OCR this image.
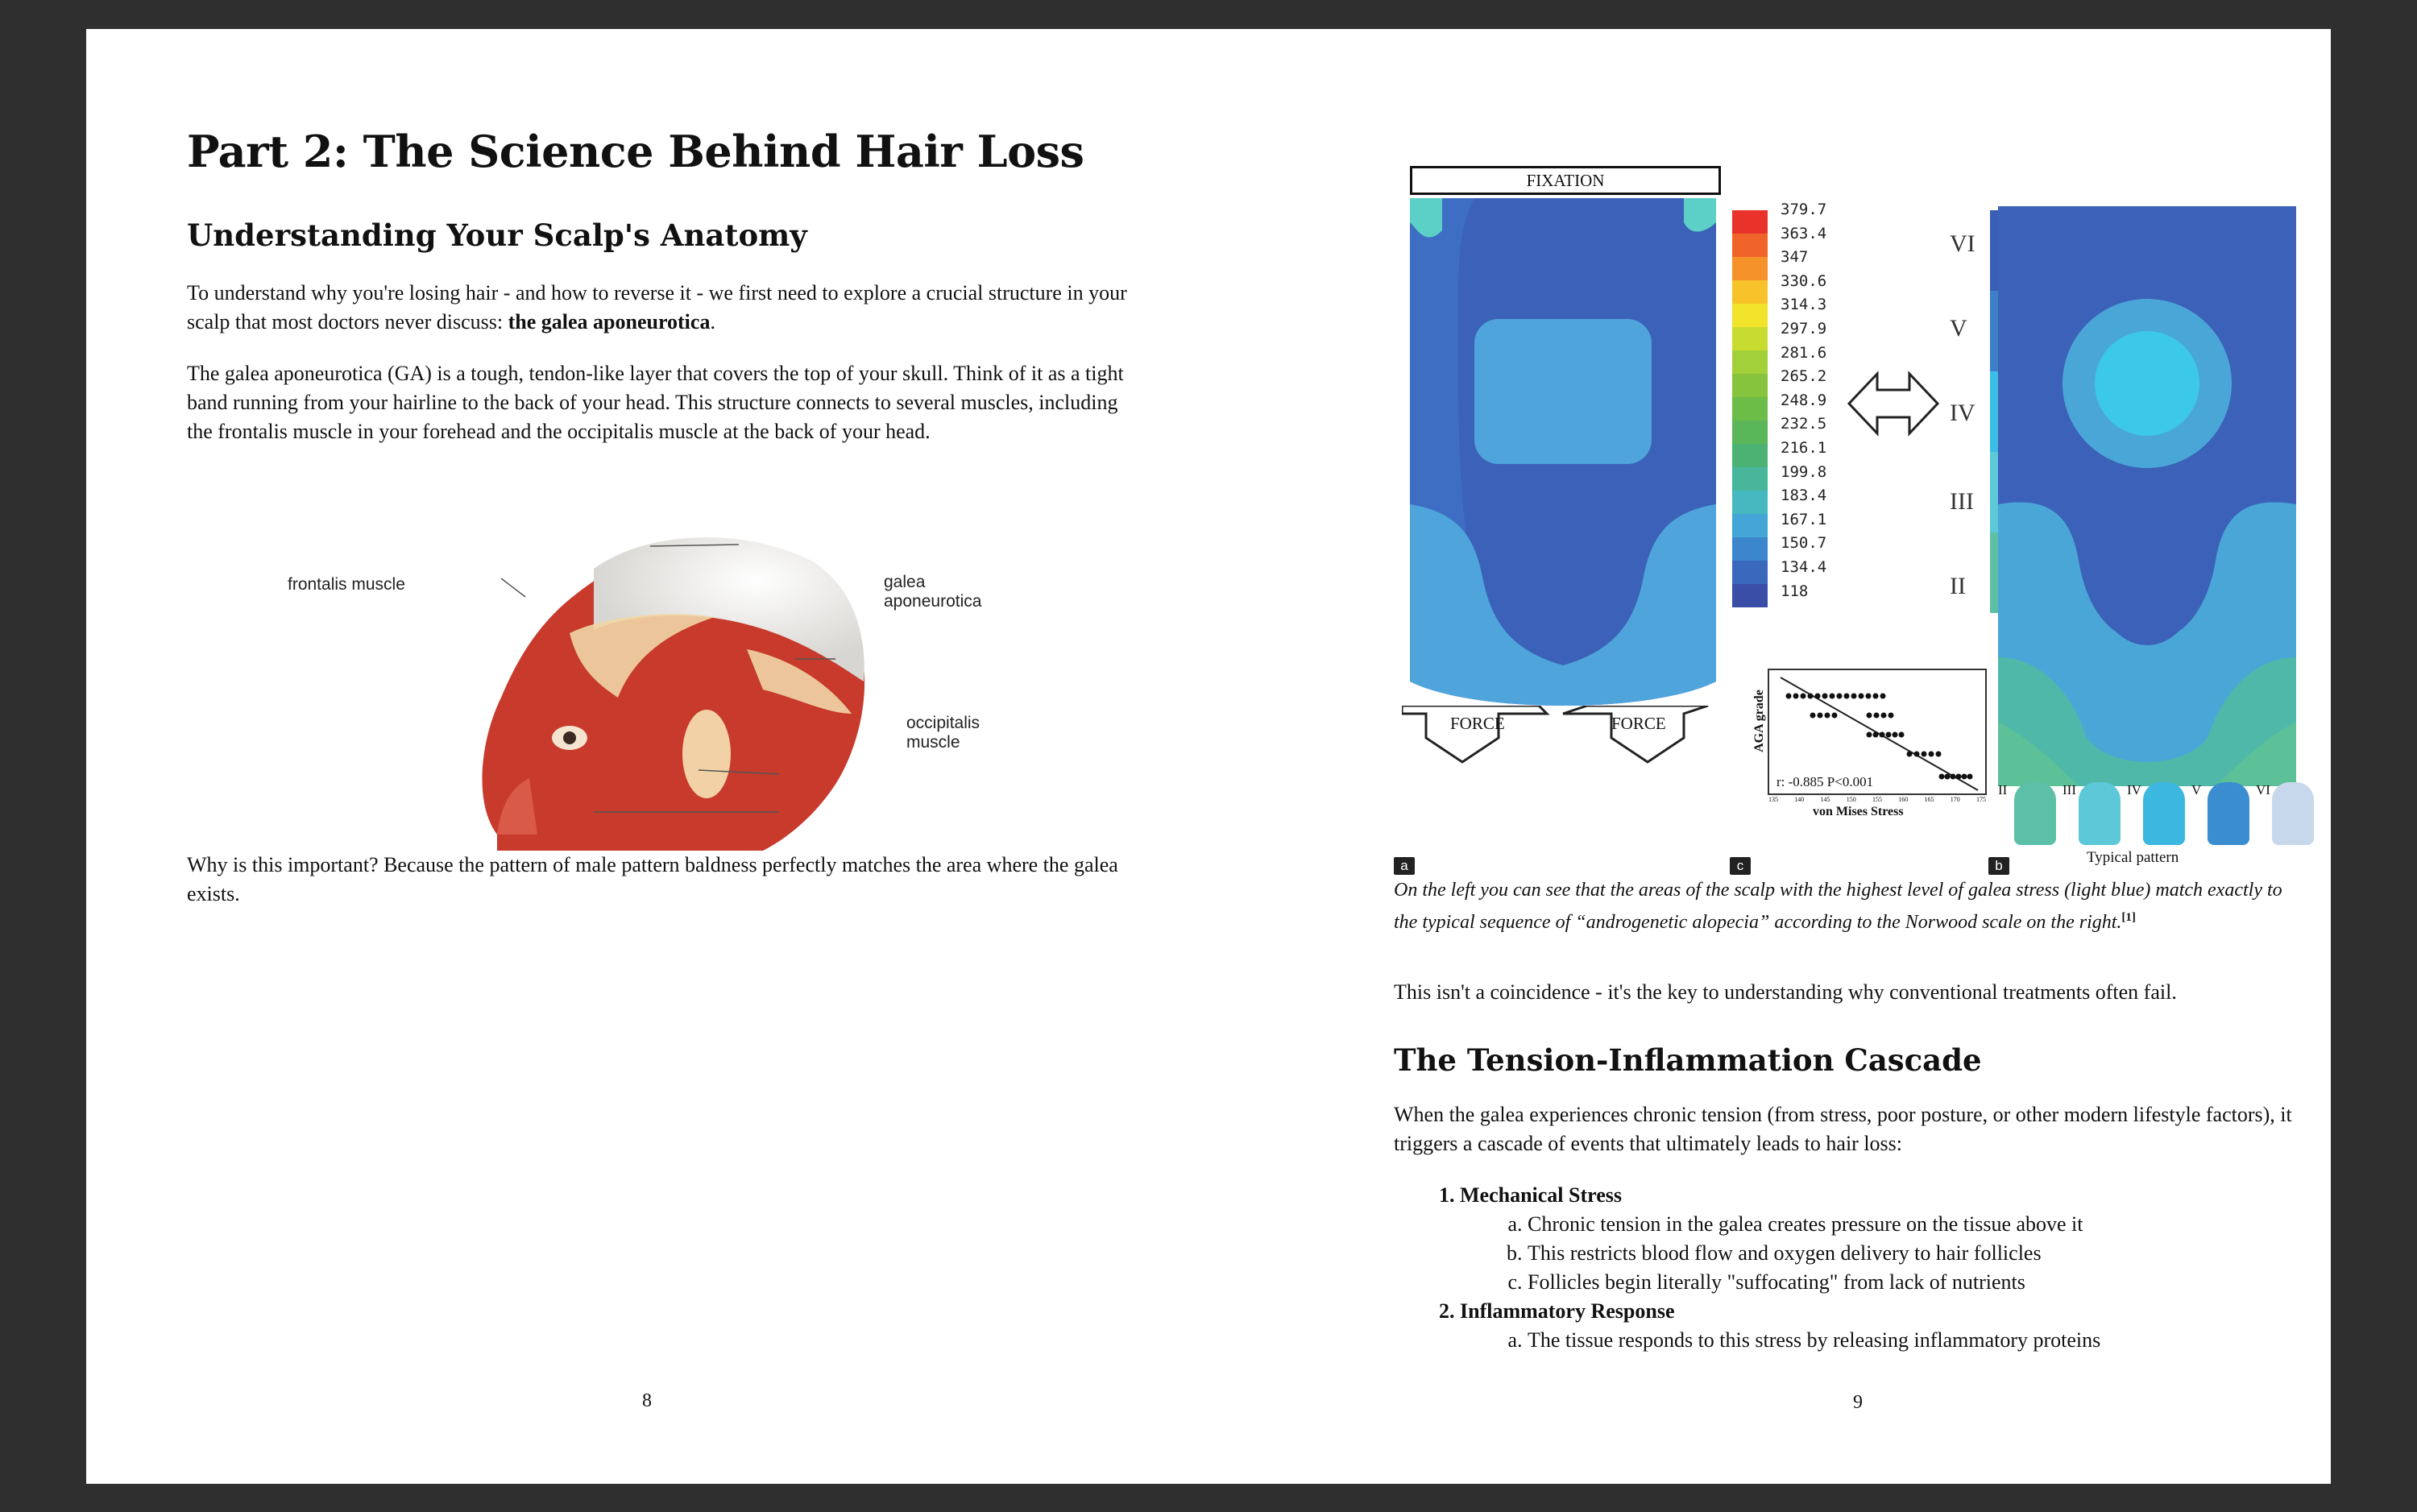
Part 2: The Science Behind Hair Loss
Understanding Your Scalp's Anatomy

To understand why you're losing hair - and how to reverse it - we first need to explore a crucial structure in your scalp that most doctors never discuss: the galea aponeurotica.

The galea aponeurotica (GA) is a tough, tendon-like layer that covers the top of your skull. Think of it as a tight band running from your hairline to the back of your head. This structure connects to several muscles, including the frontalis muscle in your forehead and the occipitalis muscle at the back of your head.

frontalis muscle	galea aponeurotica
occipitalis muscle

Why is this important? Because the pattern of male pattern baldness perfectly matches the area where the galea exists.

8
FIXATION
FORCE	FORCE
379.7
363.4
347
330.6
314.3
297.9
281.6
265.2
248.9
232.5
216.1
199.8
183.4
167.1
150.7
134.4
118
VI
V
IV
III
II
AGA grade
r: -0.885 P<0.001
135	140	145	150	155	160	165	170	175
von Mises Stress
II	III	IV	V	VI
Typical pattern
a	c	b

On the left you can see that the areas of the scalp with the highest level of galea stress (light blue) match exactly to the typical sequence of “androgenetic alopecia” according to the Norwood scale on the right.[1]

This isn't a coincidence - it's the key to understanding why conventional treatments often fail.

The Tension-Inflammation Cascade

When the galea experiences chronic tension (from stress, poor posture, or other modern lifestyle factors), it triggers a cascade of events that ultimately leads to hair loss:

1. Mechanical Stress
a. Chronic tension in the galea creates pressure on the tissue above it
b. This restricts blood flow and oxygen delivery to hair follicles
c. Follicles begin literally "suffocating" from lack of nutrients
2. Inflammatory Response
a. The tissue responds to this stress by releasing inflammatory proteins
9
